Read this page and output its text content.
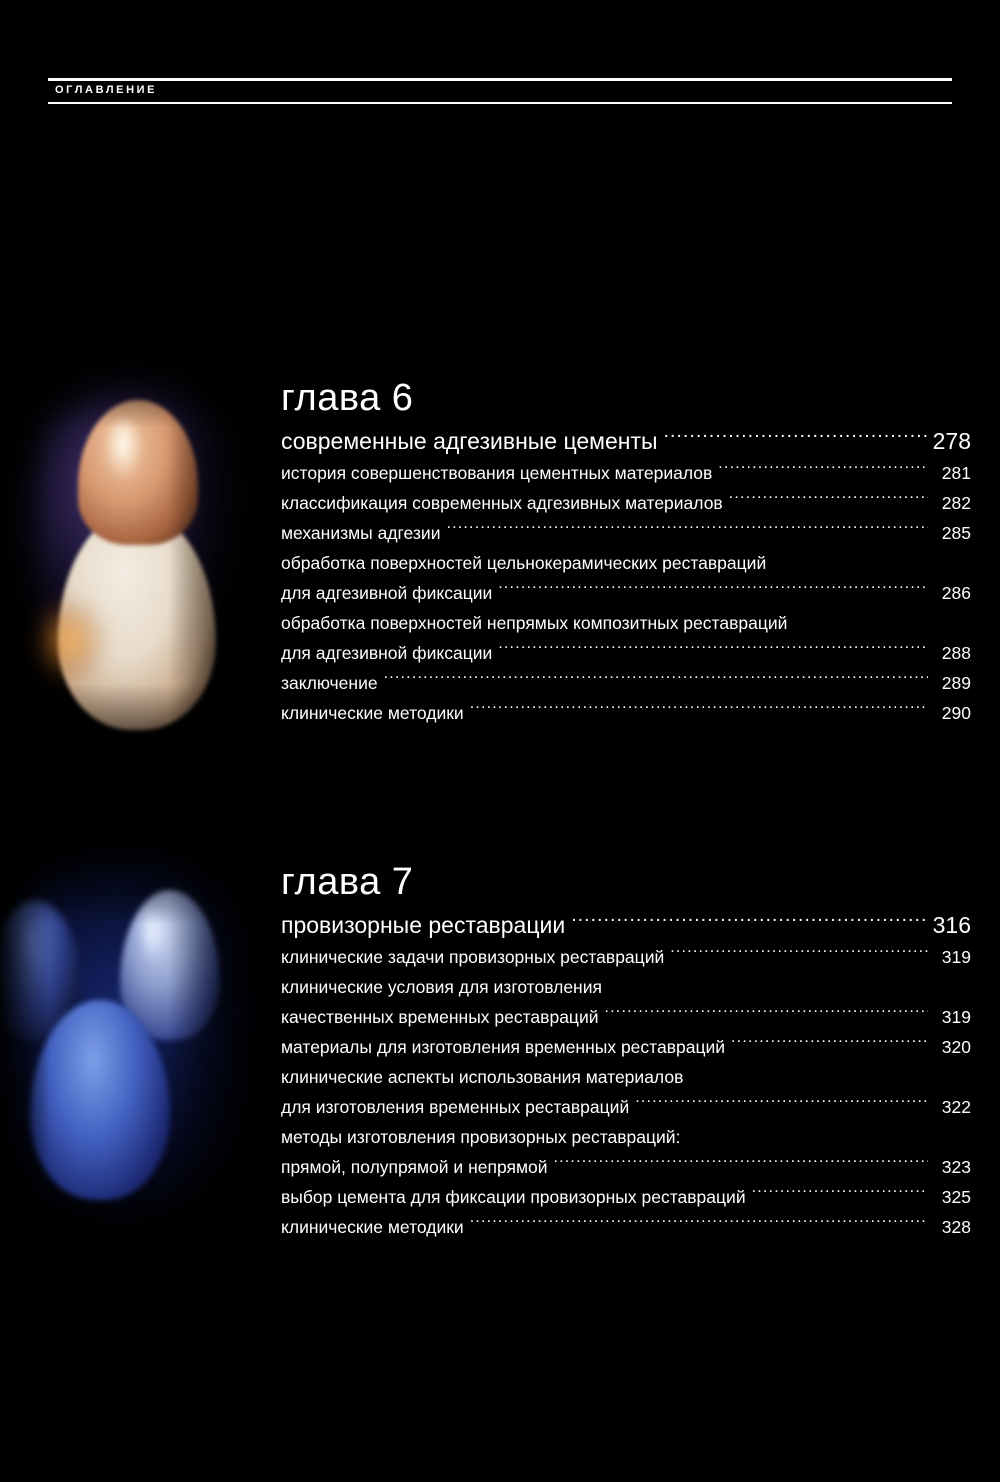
ОГЛАВЛЕНИЕ
глава 6
современные адгезивные цементы .....	278
история совершенствования цементных материалов .....	281
классификация современных адгезивных материалов .....	282
механизмы адгезии .....	285
обработка поверхностей цельнокерамических реставраций
для адгезивной фиксации .....	286
обработка поверхностей непрямых композитных реставраций
для адгезивной фиксации .....	288
заключение .....	289
клинические методики .....	290
глава 7
провизорные реставрации .....	316
клинические задачи провизорных реставраций .....	319
клинические условия для изготовления
качественных временных реставраций .....	319
материалы для изготовления временных реставраций .....	320
клинические аспекты использования материалов
для изготовления временных реставраций .....	322
методы изготовления провизорных реставраций:
прямой, полупрямой и непрямой .....	323
выбор цемента для фиксации провизорных реставраций .....	325
клинические методики .....	328
